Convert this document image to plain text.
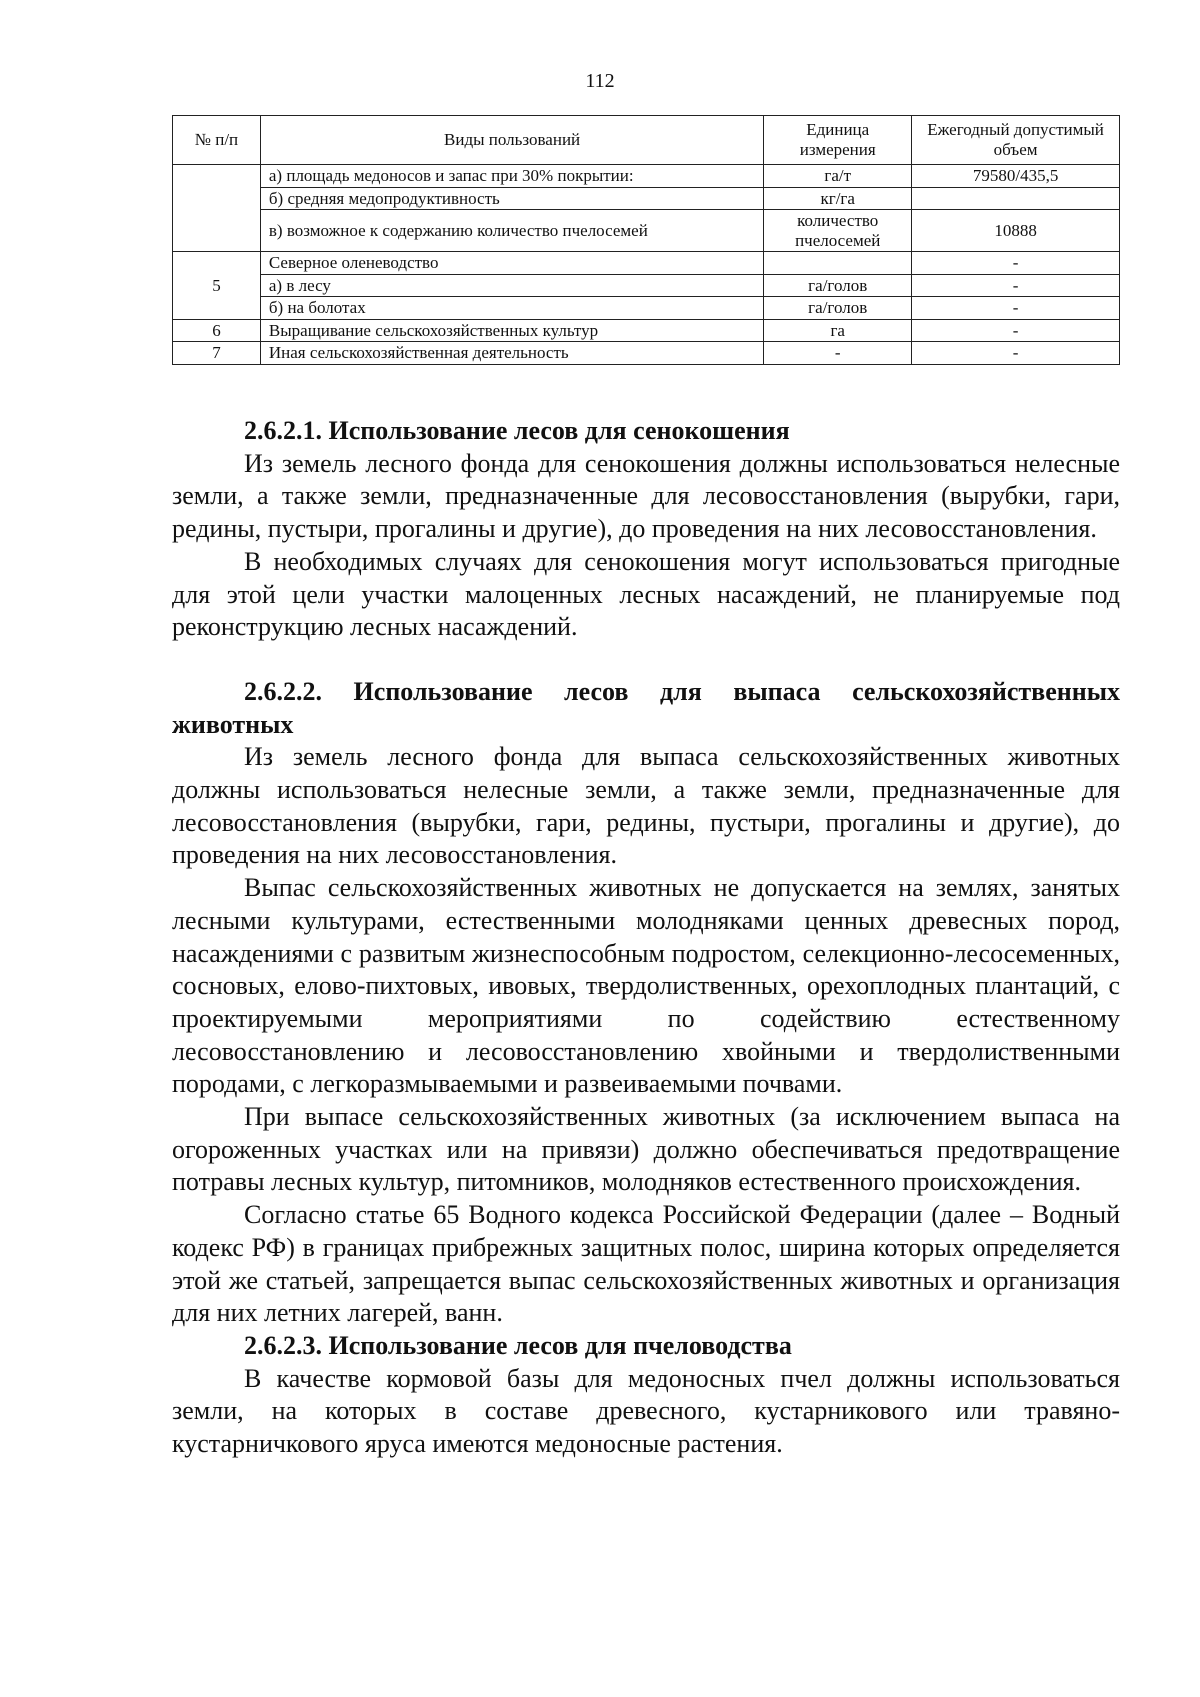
112
№ п/п	Виды пользований	Единица измерения	Ежегодный допустимый объем
	а) площадь медоносов и запас при 30% покрытии:	га/т	79580/435,5
	б) средняя медопродуктивность	кг/га	
	в) возможное к содержанию количество пчелосемей	количество пчелосемей	10888
5	Северное оленеводство		-
	а) в лесу	га/голов	-
	б) на болотах	га/голов	-
6	Выращивание сельскохозяйственных культур	га	-
7	Иная сельскохозяйственная деятельность	-	-
2.6.2.1. Использование лесов для сенокошения

Из земель лесного фонда для сенокошения должны использоваться нелесные земли, а также земли, предназначенные для лесовосстановления (вырубки, гари, редины, пустыри, прогалины и другие), до проведения на них лесовосстановления.

В необходимых случаях для сенокошения могут использоваться пригодные для этой цели участки малоценных лесных насаждений, не планируемые под реконструкцию лесных насаждений.

2.6.2.2. Использование лесов для выпаса сельскохозяйственных животных

Из земель лесного фонда для выпаса сельскохозяйственных животных должны использоваться нелесные земли, а также земли, предназначенные для лесовосстановления (вырубки, гари, редины, пустыри, прогалины и другие), до проведения на них лесовосстановления.

Выпас сельскохозяйственных животных не допускается на землях, занятых лесными культурами, естественными молодняками ценных древесных пород, насаждениями с развитым жизнеспособным подростом, селекционно-лесосеменных, сосновых, елово-пихтовых, ивовых, твердолиственных, орехоплодных плантаций, с проектируемыми мероприятиями по содействию естественному лесовосстановлению и лесовосстановлению хвойными и твердолиственными породами, с легкоразмываемыми и развеиваемыми почвами.

При выпасе сельскохозяйственных животных (за исключением выпаса на огороженных участках или на привязи) должно обеспечиваться предотвращение потравы лесных культур, питомников, молодняков естественного происхождения.

Согласно статье 65 Водного кодекса Российской Федерации (далее – Водный кодекс РФ) в границах прибрежных защитных полос, ширина которых определяется этой же статьей, запрещается выпас сельскохозяйственных животных и организация для них летних лагерей, ванн.

2.6.2.3. Использование лесов для пчеловодства

В качестве кормовой базы для медоносных пчел должны использоваться земли, на которых в составе древесного, кустарникового или травяно-кустарничкового яруса имеются медоносные растения.
